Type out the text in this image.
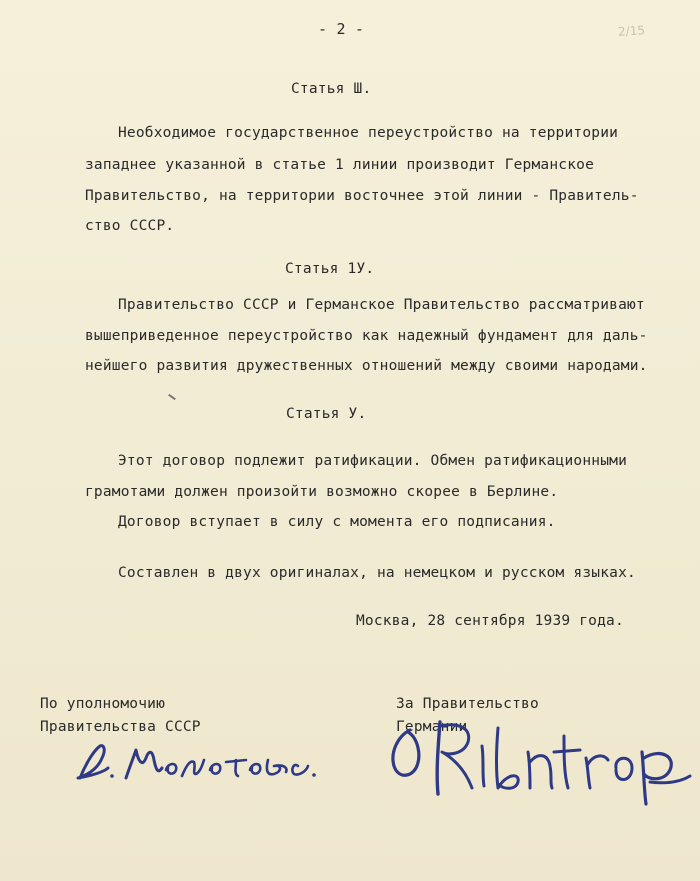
- 2 -	2/15
Статья Ш.
Необходимое государственное переустройство на территории
западнее указанной в статье 1 линии производит Германское
Правительство, на территории восточнее этой линии - Правитель-
ство СССР.
Статья 1У.
Правительство СССР и Германское Правительство рассматривают
вышеприведенное переустройство как надежный фундамент для даль-
нейшего развития дружественных отношений между своими народами.
Статья У.
Этот договор подлежит ратификации. Обмен ратификационными
грамотами должен произойти возможно скорее в Берлине.
Договор вступает в силу с момента его подписания.
Составлен в двух оригиналах, на немецком и русском языках.
Москва, 28 сентября 1939 года.
По уполномочию
Правительства СССР
За Правительство
Германии
